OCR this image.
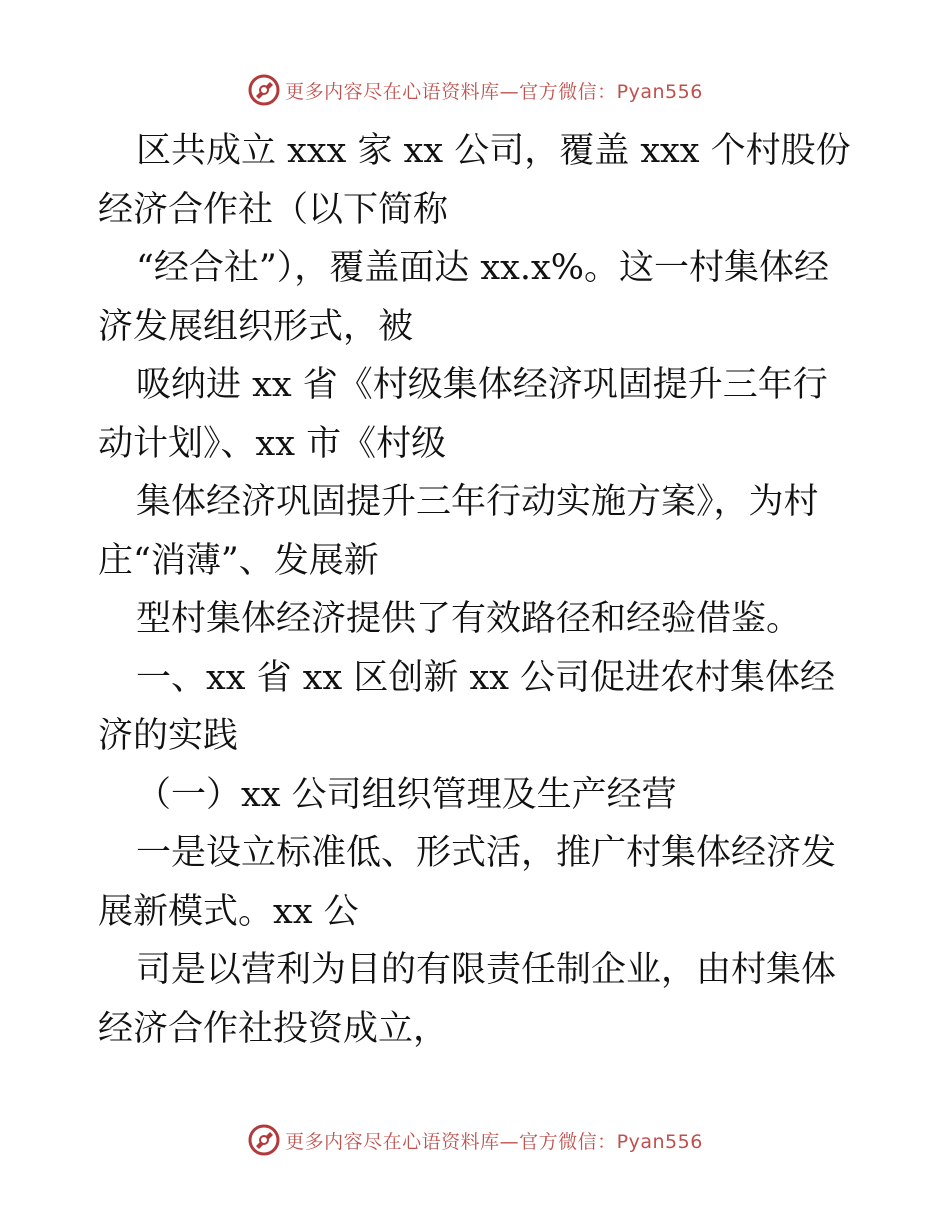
更多内容尽在心语资料库—官方微信：Pyan556

区共成立 xxx 家 xx 公司，覆盖 xxx 个村股份经济合作社（以下简称

“经合社”），覆盖面达 xx.x%。这一村集体经济发展组织形式，被

吸纳进 xx 省《村级集体经济巩固提升三年行动计划》、xx 市《村级

集体经济巩固提升三年行动实施方案》，为村庄“消薄”、发展新

型村集体经济提供了有效路径和经验借鉴。

一、xx 省 xx 区创新 xx 公司促进农村集体经济的实践

（一）xx 公司组织管理及生产经营

一是设立标准低、形式活，推广村集体经济发展新模式。xx 公

司是以营利为目的有限责任制企业，由村集体经济合作社投资成立，

更多内容尽在心语资料库—官方微信：Pyan556
